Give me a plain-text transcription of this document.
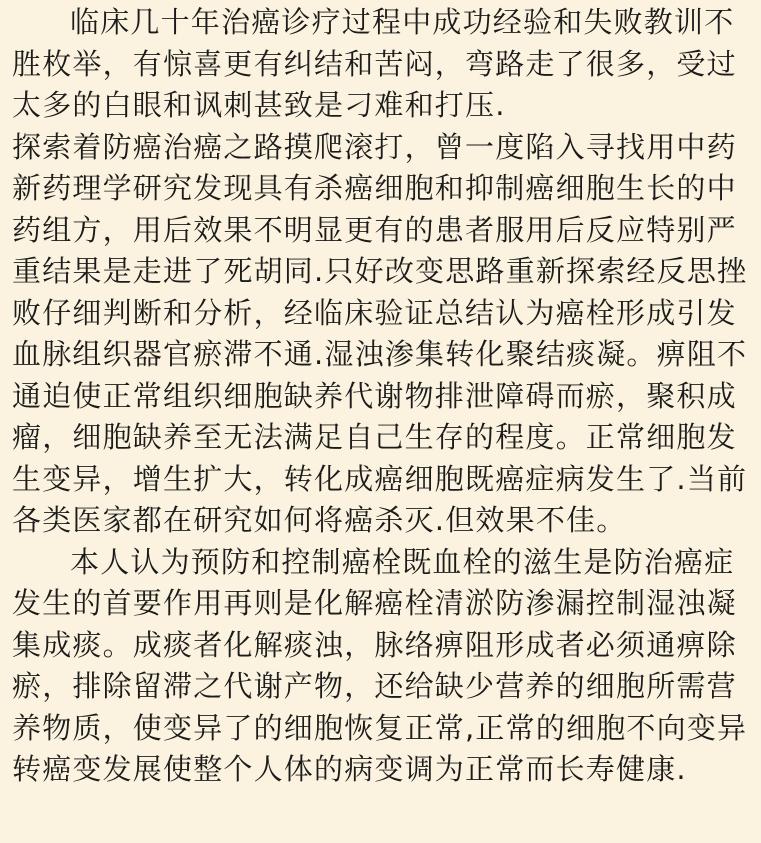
临床几十年治癌诊疗过程中成功经验和失败教训不胜枚举，有惊喜更有纠结和苦闷，弯路走了很多，受过太多的白眼和讽刺甚致是刁难和打压.

探索着防癌治癌之路摸爬滚打，曾一度陷入寻找用中药新药理学研究发现具有杀癌细胞和抑制癌细胞生长的中药组方，用后效果不明显更有的患者服用后反应特别严重结果是走进了死胡同.只好改变思路重新探索经反思挫败仔细判断和分析，经临床验证总结认为癌栓形成引发血脉组织器官瘀滞不通.湿浊渗集转化聚结痰凝。痹阻不通迫使正常组织细胞缺养代谢物排泄障碍而瘀，聚积成瘤，细胞缺养至无法满足自己生存的程度。正常细胞发生变异，增生扩大，转化成癌细胞既癌症病发生了.当前各类医家都在研究如何将癌杀灭.但效果不佳。

本人认为预防和控制癌栓既血栓的滋生是防治癌症发生的首要作用再则是化解癌栓清淤防渗漏控制湿浊凝集成痰。成痰者化解痰浊，脉络痹阻形成者必须通痹除瘀，排除留滞之代谢产物，还给缺少营养的细胞所需营养物质，使变异了的细胞恢复正常,正常的细胞不向变异转癌变发展使整个人体的病变调为正常而长寿健康.
